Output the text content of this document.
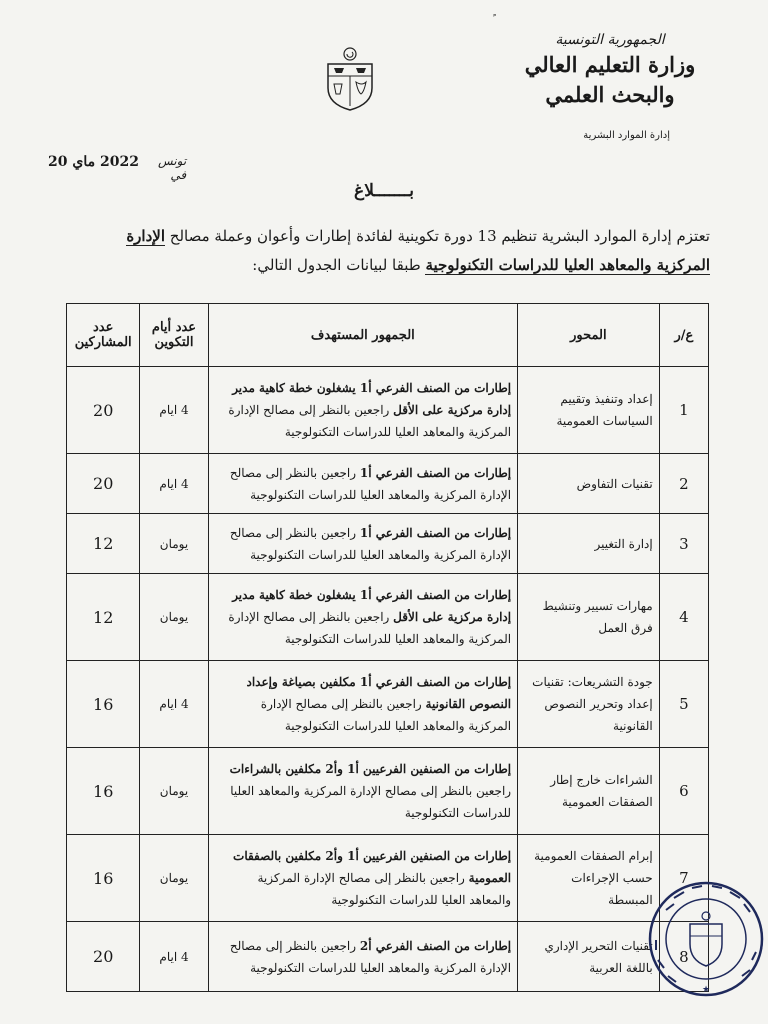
الجمهورية التونسية
وزارة التعليم العالي
والبحث العلمي
إدارة الموارد البشرية
تونس في
2022 ماي 20
بـــــــلاغ
تعتزم إدارة الموارد البشرية تنظيم 13 دورة تكوينية لفائدة إطارات وأعوان وعملة مصالح الإدارة المركزية والمعاهد العليا للدراسات التكنولوجية طبقا لبيانات الجدول التالي:
ع/ر	المحور	الجمهور المستهدف	عدد أيام التكوين	عدد المشاركين
1	إعداد وتنفيذ وتقييم السياسات العمومية	إطارات من الصنف الفرعي أ1 يشغلون خطة كاهية مدير إدارة مركزية على الأقل راجعين بالنظر إلى مصالح الإدارة المركزية والمعاهد العليا للدراسات التكنولوجية	4 ايام	20
2	تقنيات التفاوض	إطارات من الصنف الفرعي أ1 راجعين بالنظر إلى مصالح الإدارة المركزية والمعاهد العليا للدراسات التكنولوجية	4 ايام	20
3	إدارة التغيير	إطارات من الصنف الفرعي أ1 راجعين بالنظر إلى مصالح الإدارة المركزية والمعاهد العليا للدراسات التكنولوجية	يومان	12
4	مهارات تسيير وتنشيط فرق العمل	إطارات من الصنف الفرعي أ1 يشغلون خطة كاهية مدير إدارة مركزية على الأقل راجعين بالنظر إلى مصالح الإدارة المركزية والمعاهد العليا للدراسات التكنولوجية	يومان	12
5	جودة التشريعات: تقنيات إعداد وتحرير النصوص القانونية	إطارات من الصنف الفرعي أ1 مكلفين بصياغة وإعداد النصوص القانونية راجعين بالنظر إلى مصالح الإدارة المركزية والمعاهد العليا للدراسات التكنولوجية	4 ايام	16
6	الشراءات خارج إطار الصفقات العمومية	إطارات من الصنفين الفرعيين أ1 وأ2 مكلفين بالشراءات راجعين بالنظر إلى مصالح الإدارة المركزية والمعاهد العليا للدراسات التكنولوجية	يومان	16
7	إبرام الصفقات العمومية حسب الإجراءات المبسطة	إطارات من الصنفين الفرعيين أ1 وأ2 مكلفين بالصفقات العمومية راجعين بالنظر إلى مصالح الإدارة المركزية والمعاهد العليا للدراسات التكنولوجية	يومان	16
8	تقنيات التحرير الإداري باللغة العربية	إطارات من الصنف الفرعي أ2 راجعين بالنظر إلى مصالح الإدارة المركزية والمعاهد العليا للدراسات التكنولوجية	4 ايام	20
★
